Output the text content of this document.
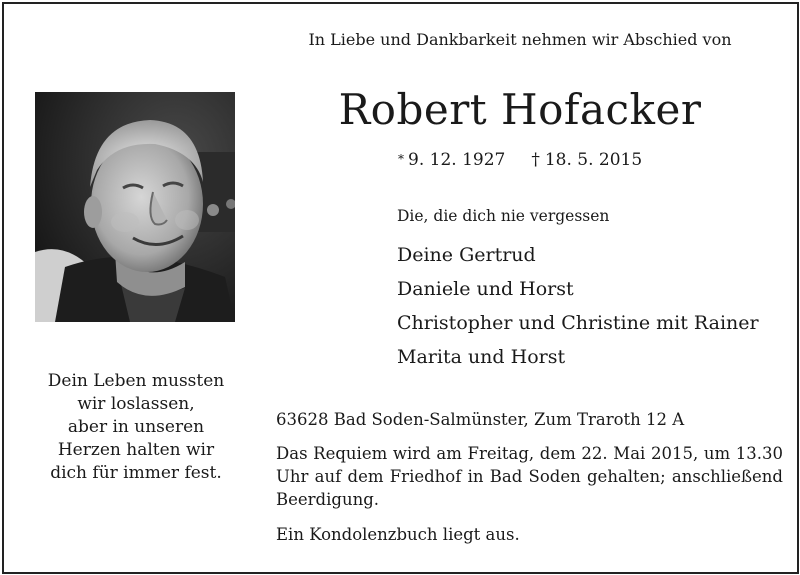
In Liebe und Dankbarkeit nehmen wir Abschied von
Robert Hofacker
* 9. 12. 1927 † 18. 5. 2015
Die, die dich nie vergessen
Deine Gertrud
Daniele und Horst
Christopher und Christine mit Rainer
Marita und Horst
Dein Leben mussten
wir loslassen,
aber in unseren
Herzen halten wir
dich für immer fest.
63628 Bad Soden-Salmünster, Zum Traroth 12 A
Das Requiem wird am Freitag, dem 22. Mai 2015, um 13.30 Uhr auf dem Friedhof in Bad Soden gehalten; anschließend Beerdigung.
Ein Kondolenzbuch liegt aus.
